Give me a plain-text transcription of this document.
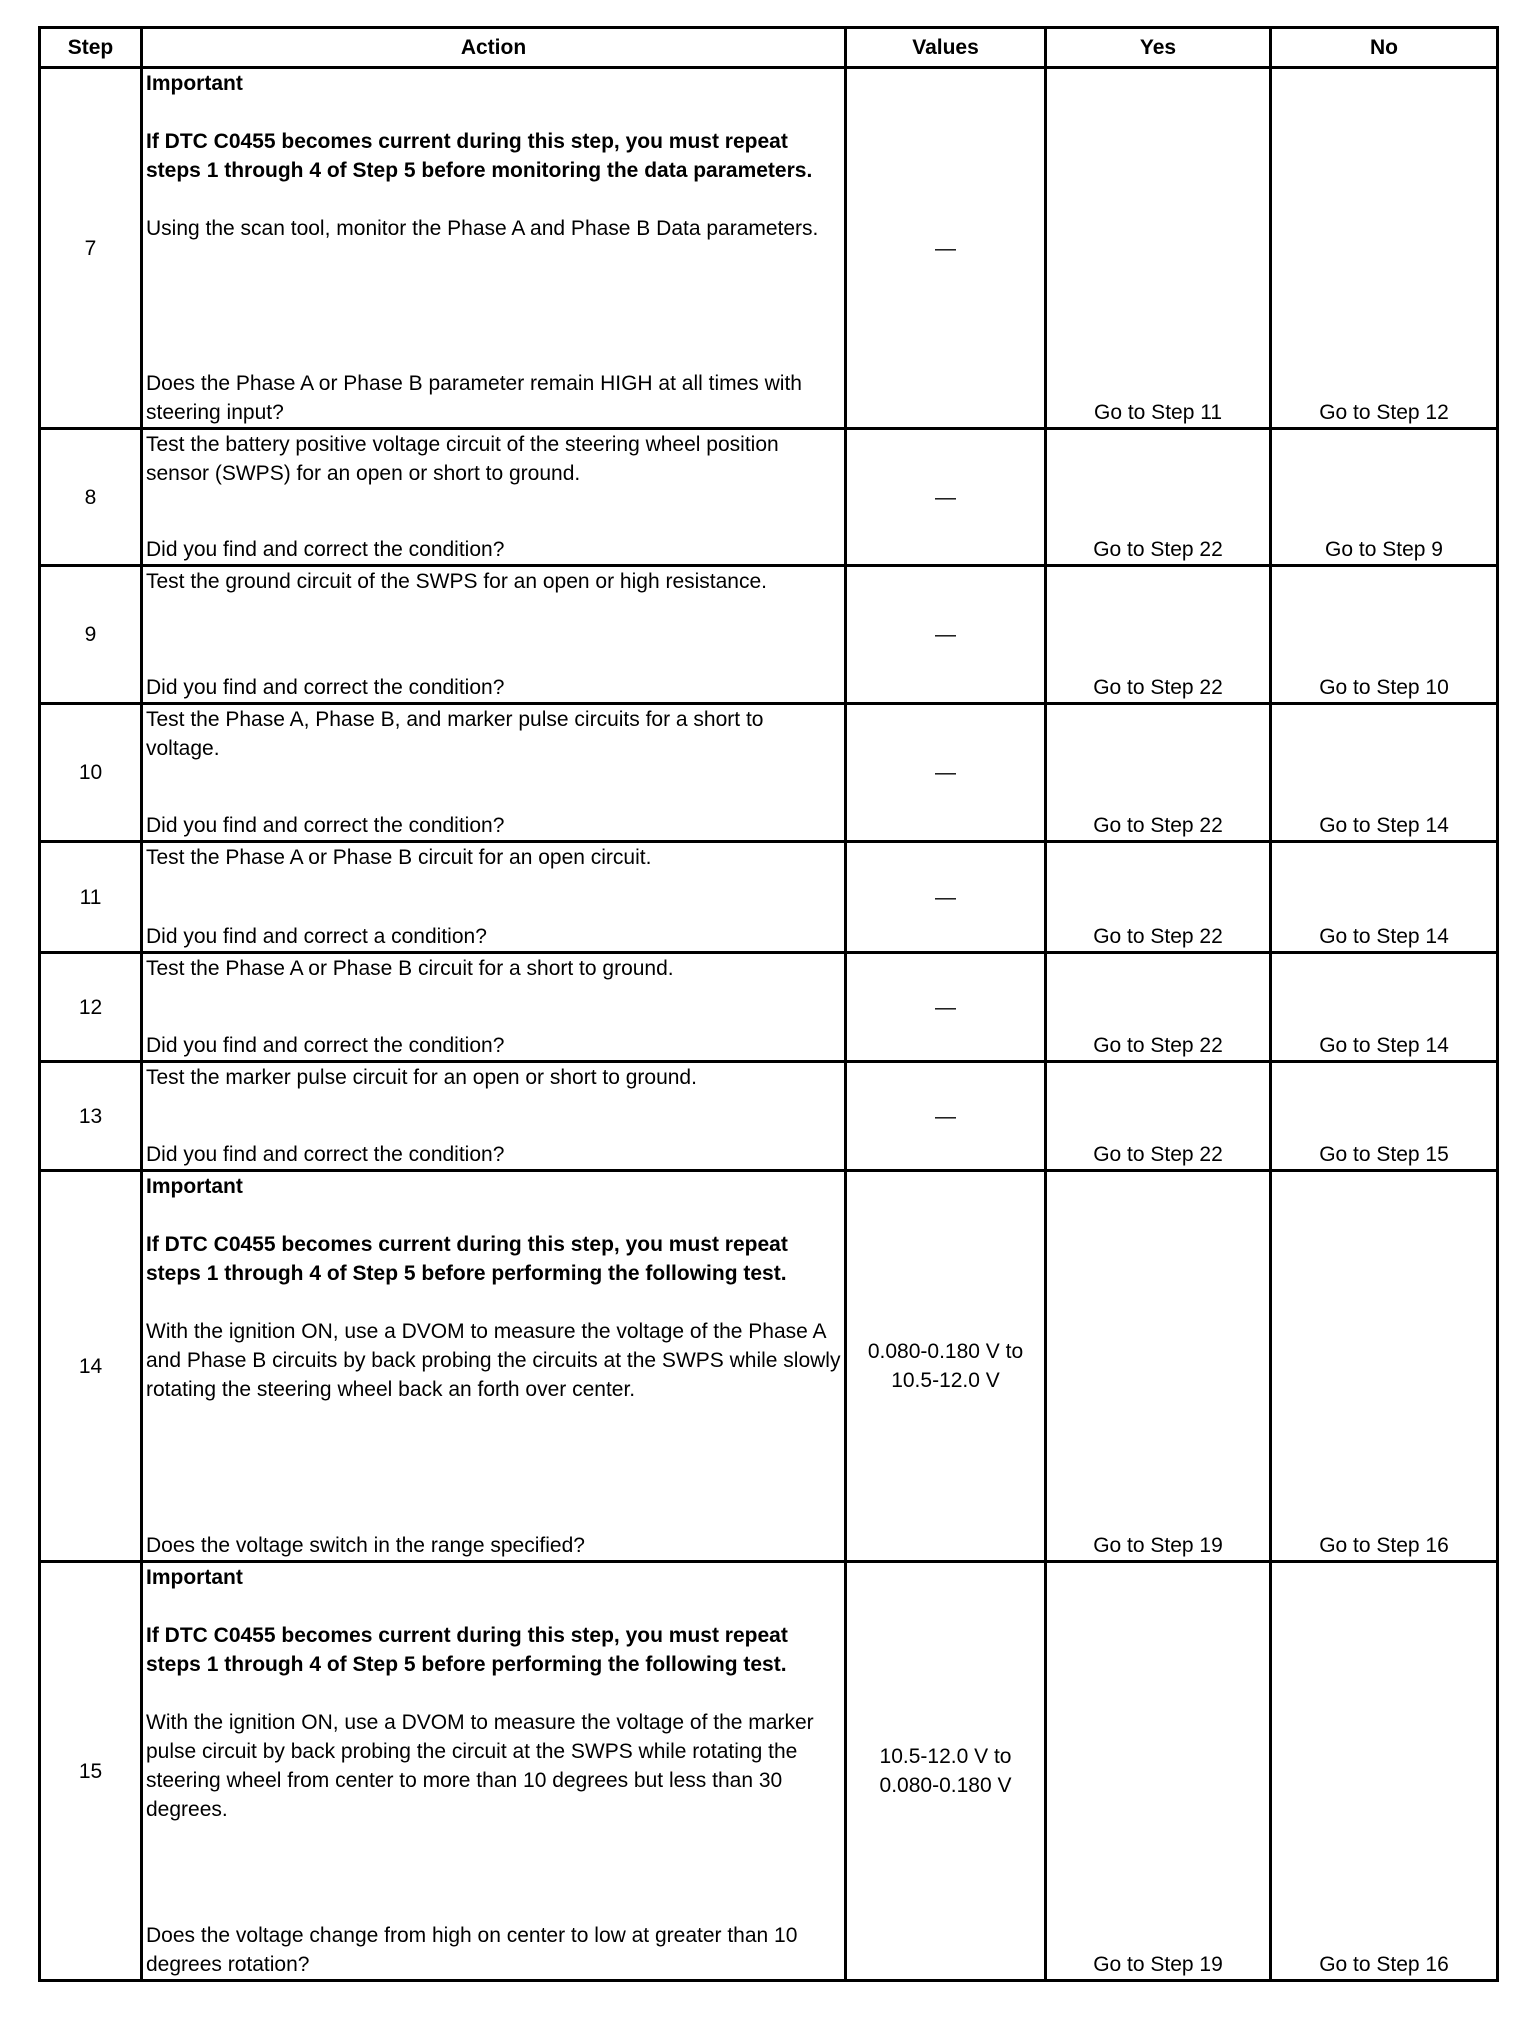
Step	Action	Values	Yes	No
7	Important

If DTC C0455 becomes current during this step, you must repeat steps 1 through 4 of Step 5 before monitoring the data parameters.

Using the scan tool, monitor the Phase A and Phase B Data parameters.

Does the Phase A or Phase B parameter remain HIGH at all times with steering input?	—	Go to Step 11	Go to Step 12
8	Test the battery positive voltage circuit of the steering wheel position sensor (SWPS) for an open or short to ground.

Did you find and correct the condition?	—	Go to Step 22	Go to Step 9
9	Test the ground circuit of the SWPS for an open or high resistance.

Did you find and correct the condition?	—	Go to Step 22	Go to Step 10
10	Test the Phase A, Phase B, and marker pulse circuits for a short to voltage.

Did you find and correct the condition?	—	Go to Step 22	Go to Step 14
11	Test the Phase A or Phase B circuit for an open circuit.

Did you find and correct a condition?	—	Go to Step 22	Go to Step 14
12	Test the Phase A or Phase B circuit for a short to ground.

Did you find and correct the condition?	—	Go to Step 22	Go to Step 14
13	Test the marker pulse circuit for an open or short to ground.

Did you find and correct the condition?	—	Go to Step 22	Go to Step 15
14	Important

If DTC C0455 becomes current during this step, you must repeat steps 1 through 4 of Step 5 before performing the following test.

With the ignition ON, use a DVOM to measure the voltage of the Phase A and Phase B circuits by back probing the circuits at the SWPS while slowly rotating the steering wheel back an forth over center.

Does the voltage switch in the range specified?	0.080-0.180 V to 10.5-12.0 V	Go to Step 19	Go to Step 16
15	Important

If DTC C0455 becomes current during this step, you must repeat steps 1 through 4 of Step 5 before performing the following test.

With the ignition ON, use a DVOM to measure the voltage of the marker pulse circuit by back probing the circuit at the SWPS while rotating the steering wheel from center to more than 10 degrees but less than 30 degrees.

Does the voltage change from high on center to low at greater than 10 degrees rotation?	10.5-12.0 V to 0.080-0.180 V	Go to Step 19	Go to Step 16
